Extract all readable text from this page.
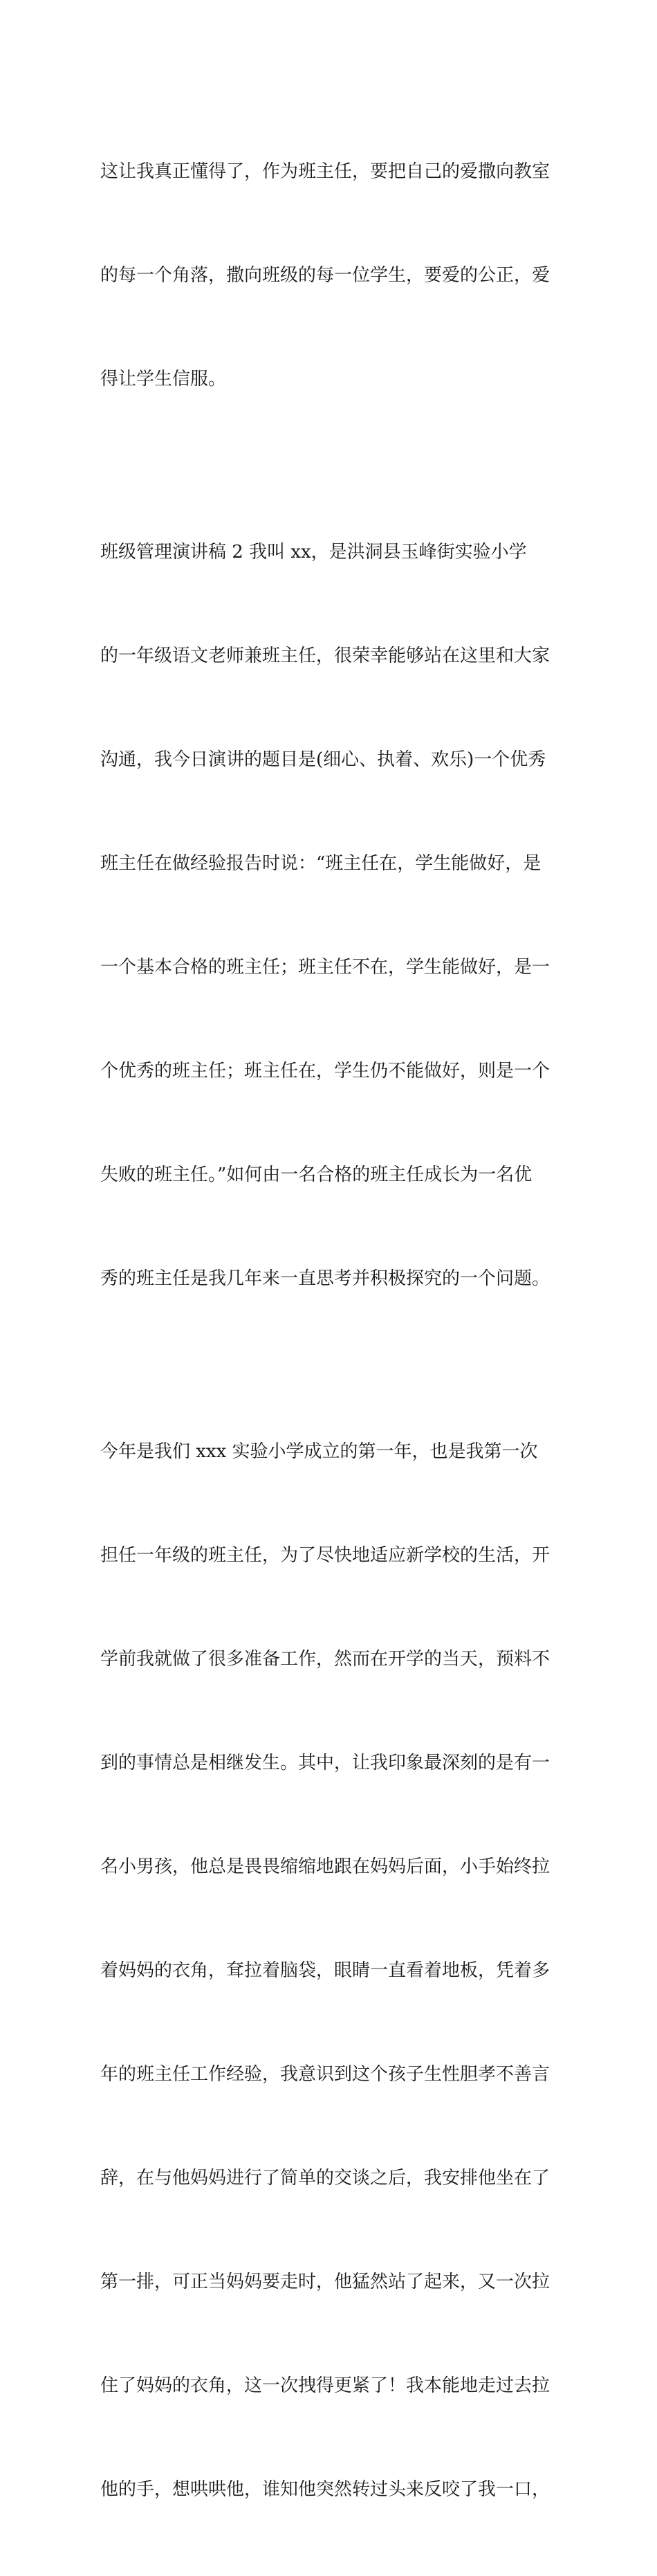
这让我真正懂得了，作为班主任，要把自己的爱撒向教室

的每一个角落，撒向班级的每一位学生，要爱的公正，爱

得让学生信服。

班级管理演讲稿 2 我叫 xx，是洪洞县玉峰街实验小学

的一年级语文老师兼班主任，很荣幸能够站在这里和大家

沟通，我今日演讲的题目是(细心、执着、欢乐)一个优秀

班主任在做经验报告时说：“班主任在，学生能做好，是

一个基本合格的班主任；班主任不在，学生能做好，是一

个优秀的班主任；班主任在，学生仍不能做好，则是一个

失败的班主任。”如何由一名合格的班主任成长为一名优

秀的班主任是我几年来一直思考并积极探究的一个问题。

今年是我们 xxx 实验小学成立的第一年，也是我第一次

担任一年级的班主任，为了尽快地适应新学校的生活，开

学前我就做了很多准备工作，然而在开学的当天，预料不

到的事情总是相继发生。其中，让我印象最深刻的是有一

名小男孩，他总是畏畏缩缩地跟在妈妈后面，小手始终拉

着妈妈的衣角，耷拉着脑袋，眼睛一直看着地板，凭着多

年的班主任工作经验，我意识到这个孩子生性胆孝不善言

辞，在与他妈妈进行了简单的交谈之后，我安排他坐在了

第一排，可正当妈妈要走时，他猛然站了起来，又一次拉

住了妈妈的衣角，这一次拽得更紧了！我本能地走过去拉

他的手，想哄哄他，谁知他突然转过头来反咬了我一口，
